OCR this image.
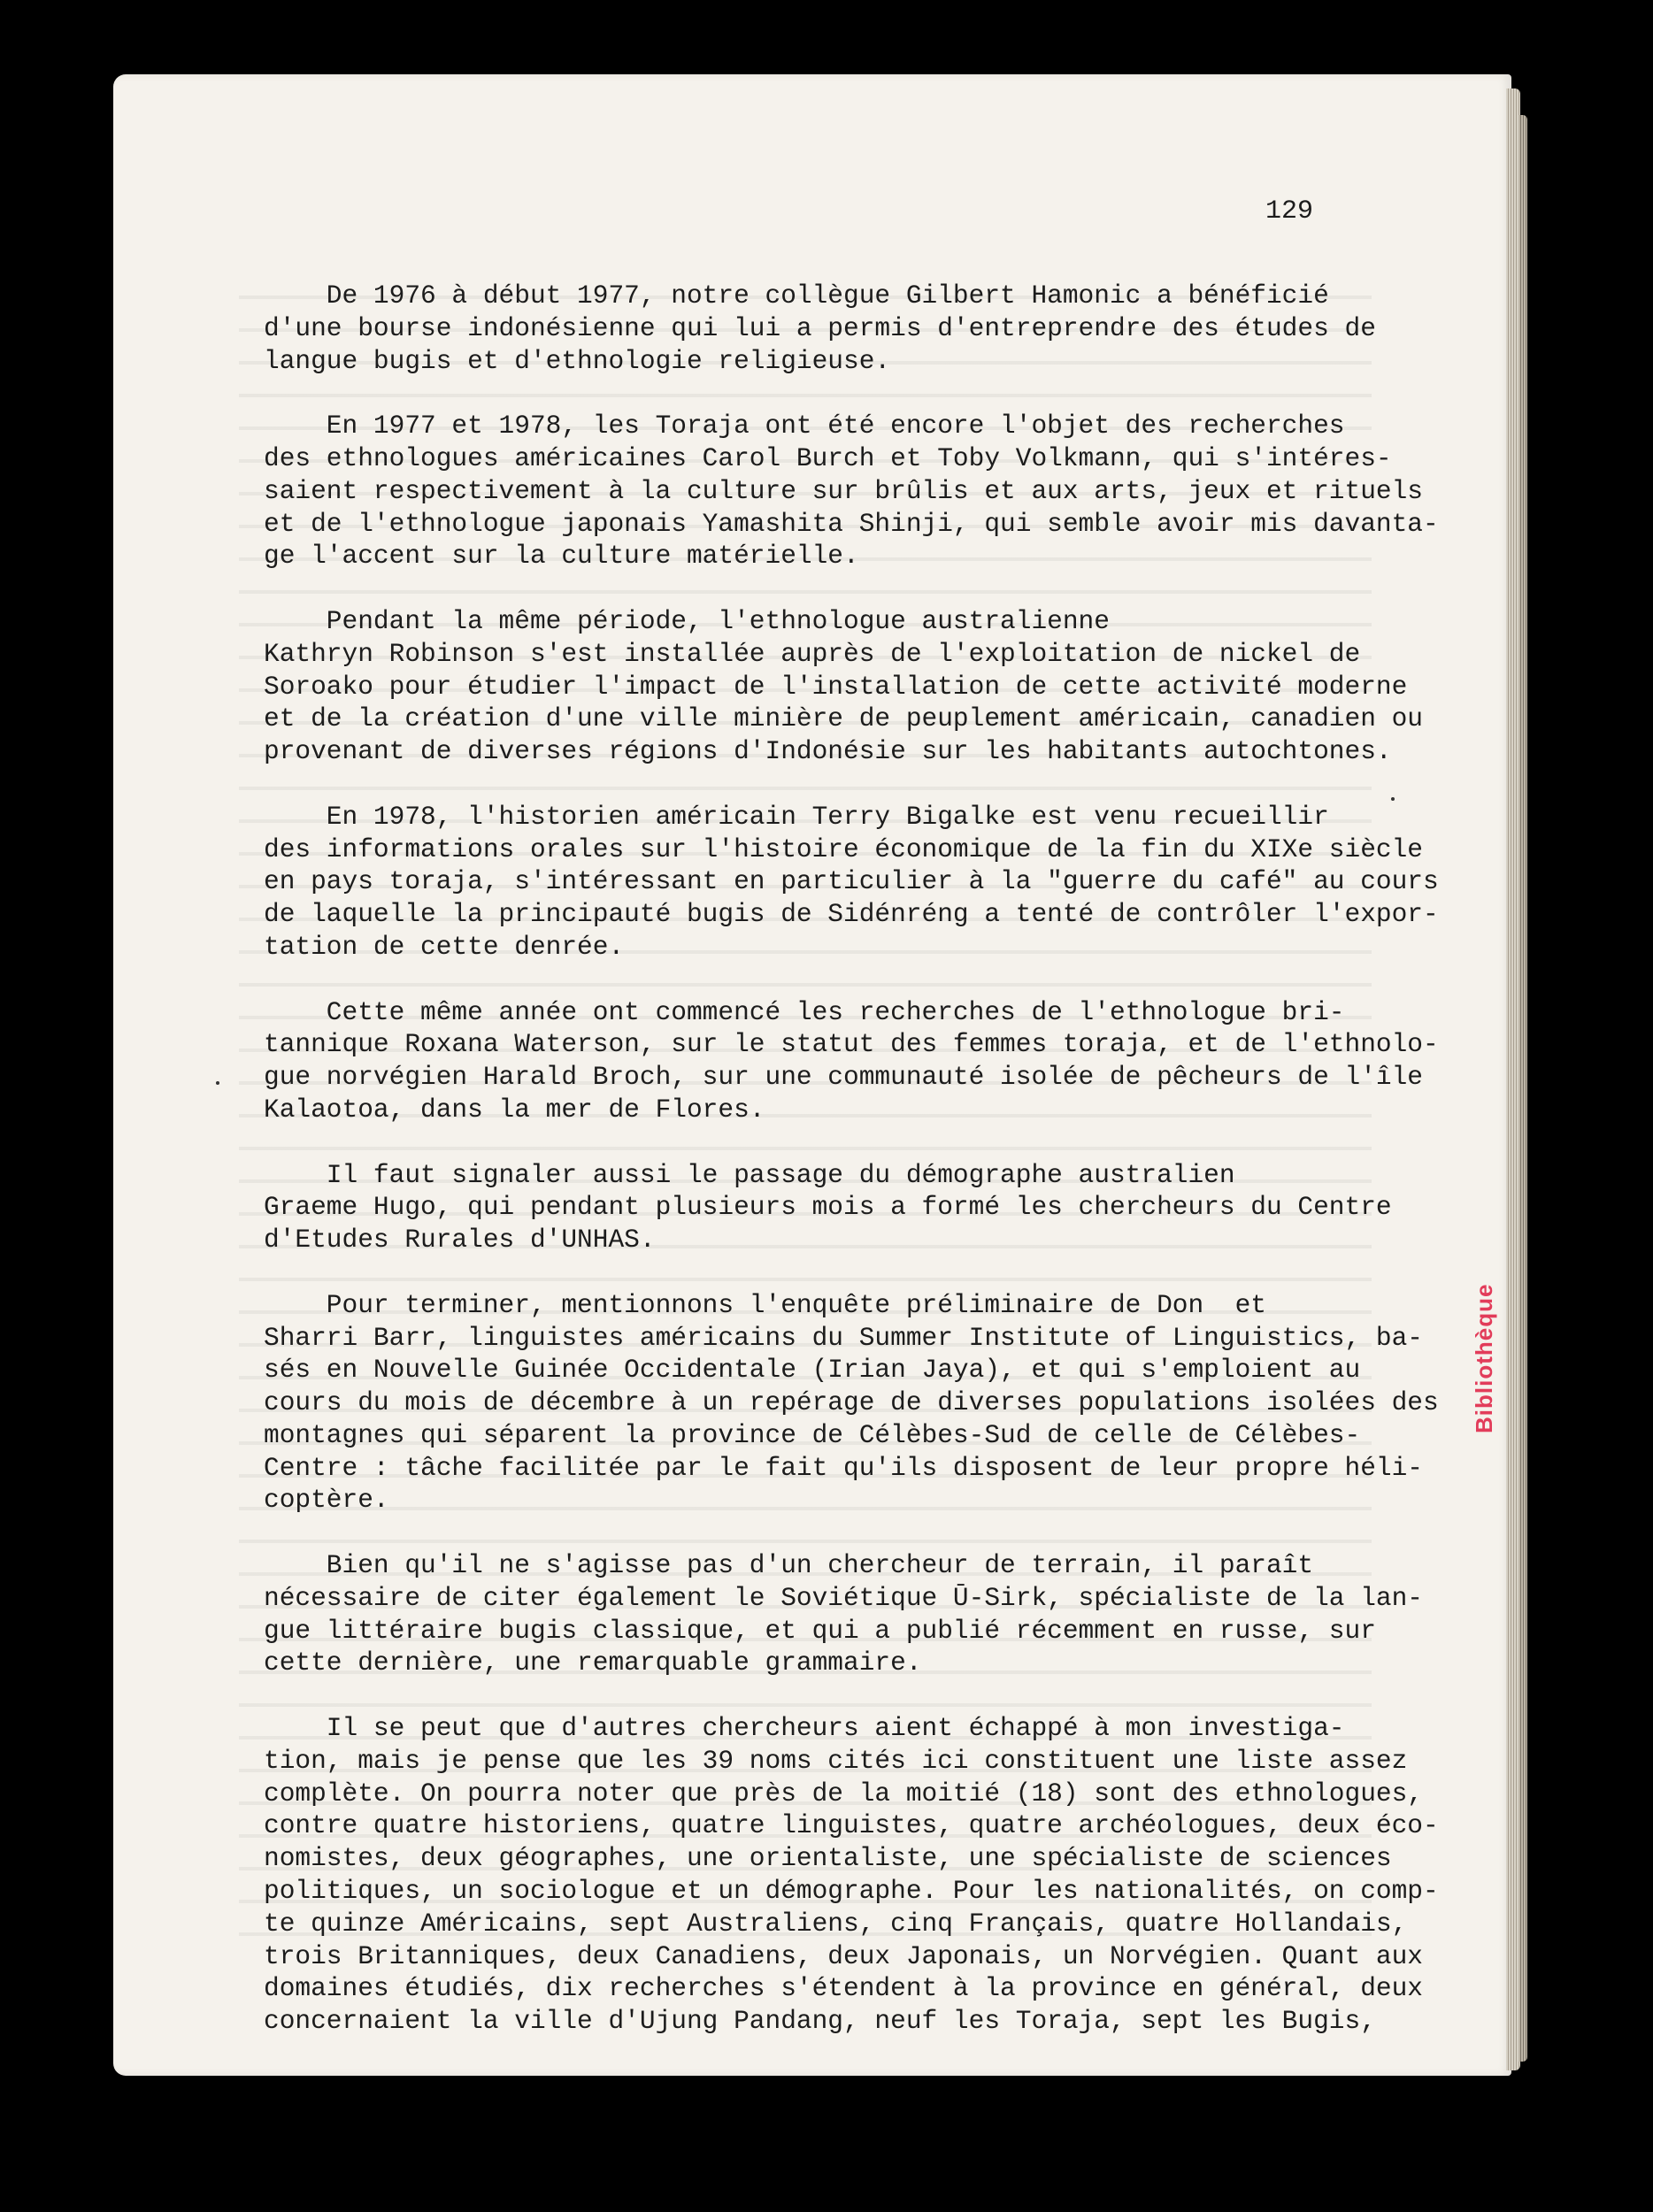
Bibliothèque
129
De 1976 à début 1977, notre collègue Gilbert Hamonic a bénéficié
d'une bourse indonésienne qui lui a permis d'entreprendre des études de
langue bugis et d'ethnologie religieuse.
En 1977 et 1978, les Toraja ont été encore l'objet des recherches
des ethnologues américaines Carol Burch et Toby Volkmann, qui s'intéres-
saient respectivement à la culture sur brûlis et aux arts, jeux et rituels
et de l'ethnologue japonais Yamashita Shinji, qui semble avoir mis davanta-
ge l'accent sur la culture matérielle.
Pendant la même période, l'ethnologue australienne
Kathryn Robinson s'est installée auprès de l'exploitation de nickel de
Soroako pour étudier l'impact de l'installation de cette activité moderne
et de la création d'une ville minière de peuplement américain, canadien ou
provenant de diverses régions d'Indonésie sur les habitants autochtones.
En 1978, l'historien américain Terry Bigalke est venu recueillir
des informations orales sur l'histoire économique de la fin du XIXe siècle
en pays toraja, s'intéressant en particulier à la "guerre du café" au cours
de laquelle la principauté bugis de Sidénréng a tenté de contrôler l'expor-
tation de cette denrée.
Cette même année ont commencé les recherches de l'ethnologue bri-
tannique Roxana Waterson, sur le statut des femmes toraja, et de l'ethnolo-
gue norvégien Harald Broch, sur une communauté isolée de pêcheurs de l'île
Kalaotoa, dans la mer de Flores.
Il faut signaler aussi le passage du démographe australien
Graeme Hugo, qui pendant plusieurs mois a formé les chercheurs du Centre
d'Etudes Rurales d'UNHAS.
Pour terminer, mentionnons l'enquête préliminaire de Don  et
Sharri Barr, linguistes américains du Summer Institute of Linguistics, ba-
sés en Nouvelle Guinée Occidentale (Irian Jaya), et qui s'emploient au
cours du mois de décembre à un repérage de diverses populations isolées des
montagnes qui séparent la province de Célèbes-Sud de celle de Célèbes-
Centre : tâche facilitée par le fait qu'ils disposent de leur propre héli-
coptère.
Bien qu'il ne s'agisse pas d'un chercheur de terrain, il paraît
nécessaire de citer également le Soviétique Ū-Sirk, spécialiste de la lan-
gue littéraire bugis classique, et qui a publié récemment en russe, sur
cette dernière, une remarquable grammaire.
Il se peut que d'autres chercheurs aient échappé à mon investiga-
tion, mais je pense que les 39 noms cités ici constituent une liste assez
complète. On pourra noter que près de la moitié (18) sont des ethnologues,
contre quatre historiens, quatre linguistes, quatre archéologues, deux éco-
nomistes, deux géographes, une orientaliste, une spécialiste de sciences
politiques, un sociologue et un démographe. Pour les nationalités, on comp-
te quinze Américains, sept Australiens, cinq Français, quatre Hollandais,
trois Britanniques, deux Canadiens, deux Japonais, un Norvégien. Quant aux
domaines étudiés, dix recherches s'étendent à la province en général, deux
concernaient la ville d'Ujung Pandang, neuf les Toraja, sept les Bugis,
